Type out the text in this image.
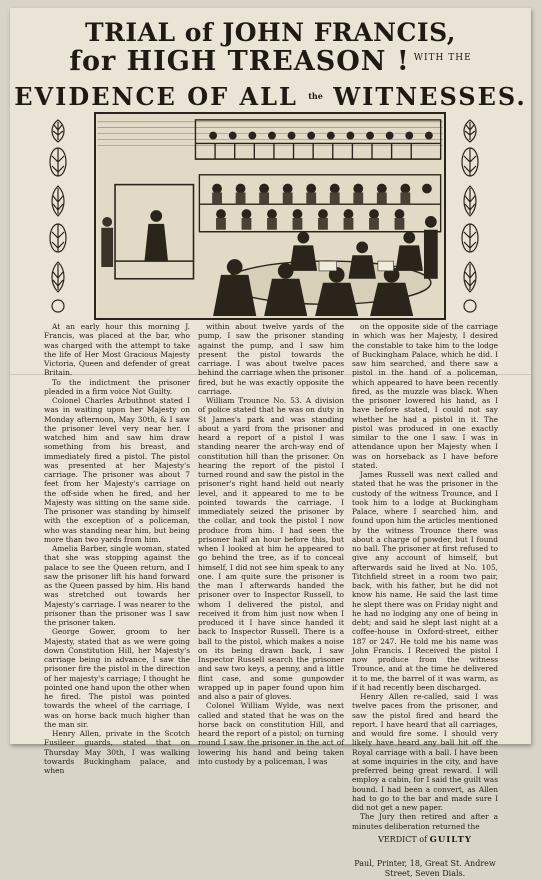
TRIAL of JOHN FRANCIS,
for HIGH TREASON ! $^{WITH THE}$
EVIDENCE OF ALL $^{the}$ WITNESSES.

At an early hour this morning J. Francis, was placed at the bar, who was charged with the attempt to take the life of Her Most Gracious Majesty Victoria, Queen and defender of great Britain.

To the indictment the prisoner pleaded in a firm voice Not Guilty.

Colonel Charles Arbuthnot stated I was in waiting upon her Majesty on Monday afternoon, May 30th, & I saw the prisoner level very near her. I watched him and saw him draw something from his breast, and immediately fired a pistol. The pistol was presented at her Majesty's carriage. The prisoner was about 7 feet from her Majesty's carriage on the off-side when he fired, and her Majesty was sitting on the same side. The prisoner was standing by himself with the exception of a policeman, who was standing near him, but being more than two yards from him.

Amelia Barber, single woman, stated that she was stopping against the palace to see the Queen return, and I saw the prisoner lift his hand forward as the Queen passed by him. His hand was stretched out towards her Majesty's carriage. I was nearer to the prisoner than the prisoner was I saw the prisoner taken.

George Gower, groom to her Majesty, stated that as we were going down Constitution Hill, her Majesty's carriage being in advance, I saw the prisoner fire the pistol in the direction of her majesty's carriage; I thought he pointed one hand upon the other when he fired. The pistol was pointed towards the wheel of the carriage, I was on horse back much higher than the man sir.

Henry Allen, private in the Scotch Fusileer guards, stated that on Thursday May 30th, I was walking towards Buckingham palace, and when

within about twelve yards of the pump, I saw the prisoner standing against the pump, and I saw him present the pistol towards the carriage. I was about twelve paces behind the carriage when the prisoner fired, but he was exactly opposite the carriage.

William Trounce No. 53. A division of police stated that he was on duty in St James's park and was standing about a yard from the prisoner and heard a report of a pistol I was standing nearer the arch-way end of constitution hill than the prisoner. On hearing the report of the pistol I turned round and saw the pistol in the prisoner's right hand held out nearly level, and it appeared to me to be pointed towards the carriage. I immediately seized the prisoner by the collar, and took the pistol I now produce from him. I had seen the prisoner half an hour before this, but when I looked at him he appeared to go behind the tree, as if to conceal himself, I did not see him speak to any one. I am quite sure the prisoner is the man I afterwards handed the prisoner over to Inspector Russell, to whom I delivered the pistol, and received it from him just now when I produced it I have since handed it back to Inspector Russell. There is a ball to the pistol, which makes a noise on its being drawn back, I saw Inspector Russell search the prisoner and saw two keys, a penny, and a little flint case, and some gunpowder wrapped up in paper found upon him and also a pair of gloves.

Colonel William Wylde, was next called and stated that he was on the horse back on constitution Hill, and heard the report of a pistol; on turning round I saw the prisoner in the act of lowering his hand and being taken into custody by a policeman, I was

on the opposite side of the carriage in which was her Majesty, I desired the constable to take him to the lodge of Buckingham Palace, which he did. I saw him searched, and there saw a pistol in the hand of a policeman, which appeared to have been recently fired, as the muzzle was black. When the prisoner lowered his hand, as I have before stated, I could not say whether he had a pistol in it. The pistol was produced in one exactly similar to the one I saw. I was in attendance upon her Majesty when I was on horseback as I have before stated.

James Russell was next called and stated that he was the prisoner in the custody of the witness Trounce, and I took him to a lodge at Buckingham Palace, where I searched him, and found upon him the articles mentioned by the witness Trounce there was about a charge of powder, but I found no ball. The prisoner at first refused to give any account of himself, but afterwards said he lived at No. 105, Titchfield street in a room two pair, back, with his father, but he did not know his name. He said the last time he slept there was on Friday night and he had no lodging any one of being in debt; and said he slept last night at a coffee-house in Oxford-street, either 187 or 247. He told me his name was John Francis. I Received the pistol I now produce from the witness Trounce, and at the time he delivered it to me, the barrel of it was warm, as if it had recently been discharged.

Henry Allen re-called, said I was twelve paces from the prisoner, and saw the pistol fired and heard the report. I have heard that all carriages, and would fire some. I should very likely have heard any ball hit off the Royal carriage with a ball. I have been at some inquiries in the city, and have preferred being great reward. I will employ a cabin, for I said the guilt was bound. I had been a convert, as Allen had to go to the bar and made sure I did not get a new paper.

The Jury then retired and after a minutes deliberation returned the

VERDICT of GUILTY
Paul, Printer, 18, Great St. Andrew
Street, Seven Dials.
